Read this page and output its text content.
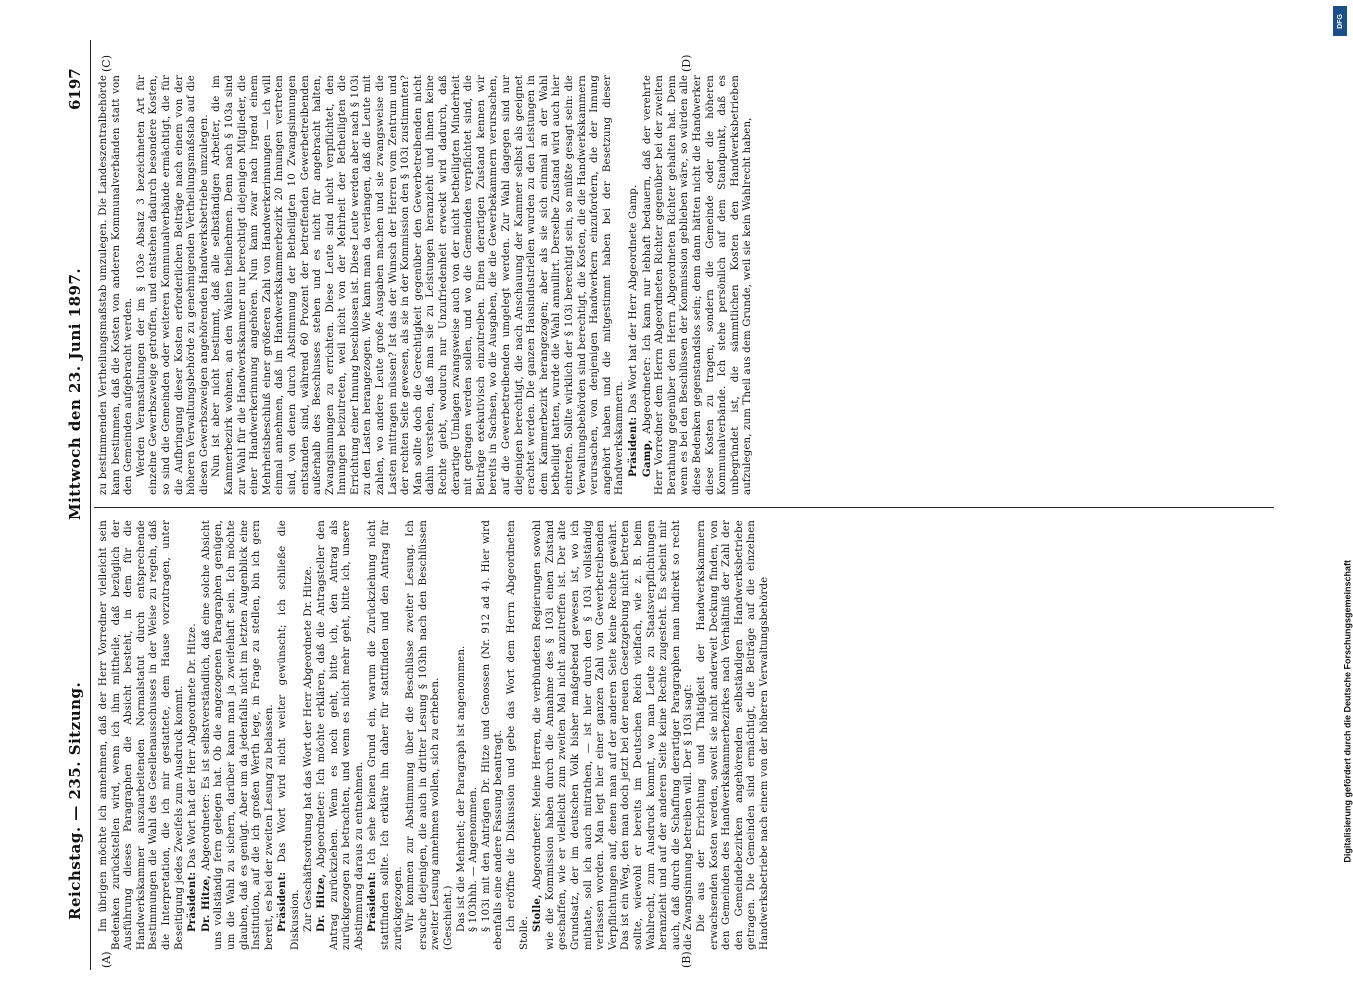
DFG
Digitalisierung gefördert durch die Deutsche Forschungsgemeinschaft
Reichstag. — 235. Sitzung.
Mittwoch den 23. Juni 1897.
6197
(A)	(B)
(C)	(D)

Im übrigen möchte ich annehmen, daß der Herr Vorredner vielleicht sein Bedenken zurückstellen wird, wenn ich ihm mittheile, daß bezüglich der Ausführung dieses Paragraphen die Absicht besteht, in dem für die Handwerkskammer auszuarbeitenden Normalstatut durch entsprechende Bestimmungen die Wahl des Gesellenausschusses in der Weise zu regeln, daß die Interpretation, die ich mir gestattete, dem Hause vorzutragen, unter Beseitigung jedes Zweifels zum Ausdruck kommt. Präsident: Das Wort hat der Herr Abgeordnete Dr. Hitze.

Dr. Hitze, Abgeordneter: Es ist selbstverständlich, daß eine solche Absicht uns vollständig fern gelegen hat. Ob die angezogenen Paragraphen genügen, um die Wahl zu sichern, darüber kann man ja zweifelhaft sein. Ich möchte glauben, daß es genügt. Aber um da jedenfalls nicht im letzten Augenblick eine Institution, auf die ich großen Werth lege, in Frage zu stellen, bin ich gern bereit, es bei der zweiten Lesung zu belassen. Präsident: Das Wort wird nicht weiter gewünscht; ich schließe die Diskussion. Zur Geschäftsordnung hat das Wort der Herr Abgeordnete Dr. Hitze. Dr. Hitze, Abgeordneter: Ich möchte erklären, daß die Antragsteller den Antrag zurückziehen. Wenn es noch geht, bitte ich, den Antrag als zurückgezogen zu betrachten, und wenn es nicht mehr geht, bitte ich, unsere Abstimmung daraus zu entnehmen. Präsident: Ich sehe keinen Grund ein, warum die Zurückziehung nicht stattfinden sollte. Ich erkläre ihn daher für stattfinden und den Antrag für zurückgezogen. Wir kommen zur Abstimmung über die Beschlüsse zweiter Lesung. Ich ersuche diejenigen, die auch in dritter Lesung § 103hh nach den Beschlüssen zweiter Lesung annehmen wollen, sich zu erheben. (Geschieht.) Das ist die Mehrheit; der Paragraph ist angenommen. § 103hhh. — Angenommen. § 103i mit den Anträgen Dr. Hitze und Genossen (Nr. 912 ad 4). Hier wird ebenfalls eine andere Fassung beantragt. Ich eröffne die Diskussion und gebe das Wort dem Herrn Abgeordneten Stolle.

Stolle, Abgeordneter: Meine Herren, die verbündeten Regierungen sowohl wie die Kommission haben durch die Annahme des § 103i einen Zustand geschaffen, wie er vielleicht zum zweiten Mal nicht anzutreffen ist. Der alte Grundsatz, der im deutschen Volk bisher maßgebend gewesen ist, wo ich mithate, soll ich auch mitrathen, — ist hier durch den § 103i vollständig verlassen worden. Man legt hier einer ganzen Zahl von Gewerbetreibenden Verpflichtungen auf, denen man auf der anderen Seite keine Rechte gewährt. Das ist ein Weg, den man doch jetzt bei der neuen Gesetzgebung nicht betreten sollte, wiewohl er bereits im Deutschen Reich vielfach, wie z. B. beim Wahlrecht, zum Ausdruck kommt, wo man Leute zu Staatsverpflichtungen heranzieht und auf der anderen Seite keine Rechte zugesteht. Es scheint mir auch, daß durch die Schaffung derartiger Paragraphen man indirekt so recht die Zwangsinnung betreiben will. Der § 103i sagt: Die aus der Errichtung und Thätigkeit der Handwerkskammern erwachsenden Kosten werden, soweit sie nicht anderweit Deckung finden, von den Gemeinden des Handwerkskammerbezirkes nach Verhältniß der Zahl der den Gemeindebezirken angehörenden selbständigen Handwerksbetriebe getragen. Die Gemeinden sind ermächtigt, die Beiträge auf die einzelnen Handwerksbetriebe nach einem von der höheren Verwaltungsbehörde

zu bestimmenden Vertheilungsmaßstab umzulegen. Die Landeszentralbehörde kann bestimmen, daß die Kosten von anderen Kommunalverbänden statt von den Gemeinden aufgebracht werden. Werden Veranstaltungen der im § 103e Absatz 3 bezeichneten Art für einzelne Gewerbszweige getroffen, und entstehen dadurch besondere Kosten, so sind die Gemeinden oder weiteren Kommunalverbände ermächtigt, die für die Aufbringung dieser Kosten erforderlichen Beiträge nach einem von der höheren Verwaltungsbehörde zu genehmigenden Vertheilungsmaßstab auf die diesen Gewerbszweigen angehörenden Handwerksbetriebe umzulegen. Nun ist aber nicht bestimmt, daß alle selbständigen Arbeiter, die im Kammerbezirk wohnen, an den Wahlen theilnehmen. Denn nach § 103a sind zur Wahl für die Handwerkskammer nur berechtigt diejenigen Mitglieder, die einer Handwerkerinnung angehören. Nun kann zwar nach irgend einem Mehrheitsbeschluß einer größeren Zahl von Handwerkerinnungen — ich will einmal annehmen, daß im Handwerkskammerbezirk 20 Innungen vertreten sind, von denen durch Abstimmung der Betheiligten 10 Zwangsinnungen entstanden sind, während 60 Prozent der betreffenden Gewerbetreibenden außerhalb des Beschlusses stehen und es nicht für angebracht halten, Zwangsinnungen zu errichten. Diese Leute sind nicht verpflichtet, den Innungen beizutreten, weil nicht von der Mehrheit der Betheiligten die Errichtung einer Innung beschlossen ist. Diese Leute werden aber nach § 103i zu den Lasten herangezogen. Wie kann man da verlangen, daß die Leute mit zahlen, wo andere Leute große Ausgaben machen und sie zwangsweise die Lasten mittragen müssen? Ist das der Wunsch der Herren vom Zentrum und der rechten Seite gewesen, als sie in der Kommission den § 103i zustimmten? Man sollte doch die Gerechtigkeit gegenüber den Gewerbetreibenden nicht dahin verstehen, daß man sie zu Leistungen heranzieht und ihnen keine Rechte giebt, wodurch nur Unzufriedenheit erweckt wird dadurch, daß derartige Umlagen zwangsweise auch von der nicht betheiligten Minderheit mit getragen werden sollen, und wo die Gemeinden verpflichtet sind, die Beiträge exekutivisch einzutreiben. Einen derartigen Zustand kennen wir bereits in Sachsen, wo die Ausgaben, die die Gewerbekammern verursachen, auf die Gewerbetreibenden umgelegt werden. Zur Wahl dagegen sind nur diejenigen berechtigt, die nach Anschauung der Kammer selbst als geeignet erachtet werden. Die ganzen Hausindustriellen wurden zu den Leistungen in dem Kammerbezirk herangezogen; aber als sie sich einmal an der Wahl betheiligt hatten, wurde die Wahl annullirt. Derselbe Zustand wird auch hier eintreten. Sollte wirklich der § 103i berechtigt sein, so müßte gesagt sein: die Verwaltungsbehörden sind berechtigt, die Kosten, die die Handwerkskammern verursachen, von denjenigen Handwerkern einzufordern, die der Innung angehört haben und die mitgestimmt haben bei der Besetzung dieser Handwerkskammern. Präsident: Das Wort hat der Herr Abgeordnete Gamp.

Gamp, Abgeordneter: Ich kann nur lebhaft bedauern, daß der verehrte Herr Vorredner dem Herrn Abgeordneten Richter gegenüber bei der zweiten Berathung gegenüber dem Herrn Abgeordneten Richter gehalten hat. Denn wenn es bei den Beschlüssen der Kommission geblieben wäre, so würden alle diese Bedenken gegenstandslos sein; denn dann hätten nicht die Handwerker diese Kosten zu tragen, sondern die Gemeinde oder die höheren Kommunalverbände. Ich stehe persönlich auf dem Standpunkt, daß es unbegründet ist, die sämmtlichen Kosten den Handwerksbetrieben aufzulegen, zum Theil aus dem Grunde, weil sie kein Wahlrecht haben,
